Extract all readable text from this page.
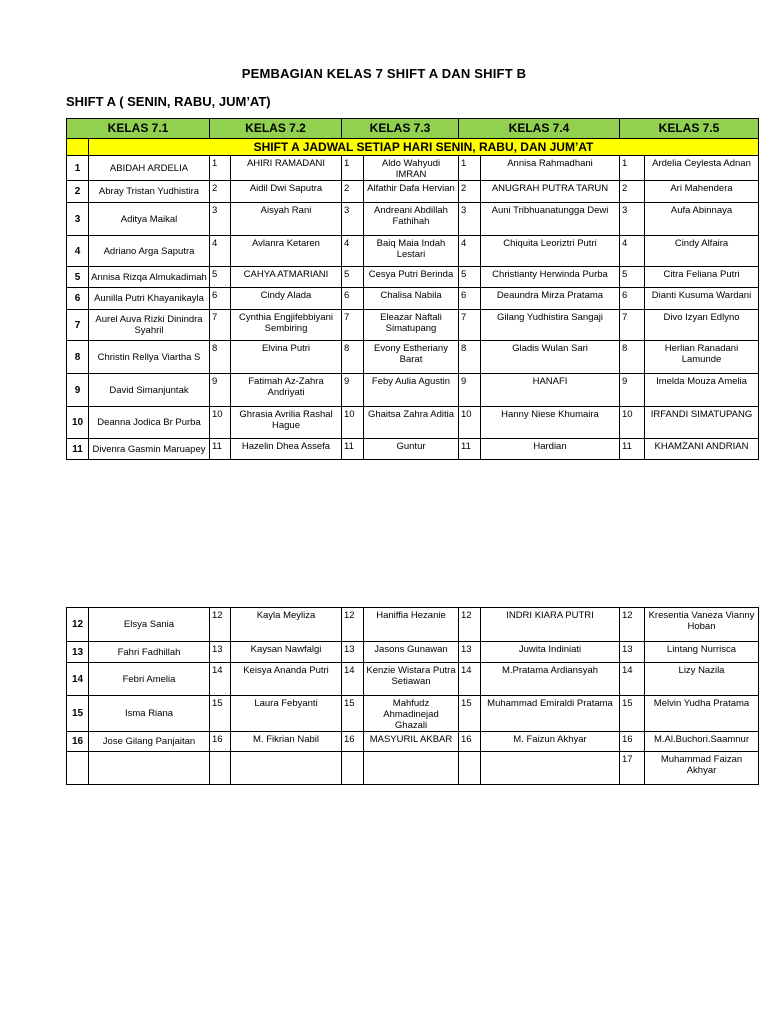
PEMBAGIAN KELAS 7 SHIFT A DAN SHIFT B
SHIFT A ( SENIN, RABU, JUM’AT)
KELAS 7.1		KELAS 7.2		KELAS 7.3		KELAS 7.4		KELAS 7.5	
	SHIFT A JADWAL SETIAP HARI SENIN, RABU, DAN JUM’AT								
1	ABIDAH ARDELIA	1	AHIRI RAMADANI	1	Aldo Wahyudi IMRAN	1	Annisa Rahmadhani	1	Ardelia Ceylesta Adnan
2	Abray Tristan Yudhistira	2	Aidil Dwi Saputra	2	Alfathir Dafa Hervian	2	ANUGRAH PUTRA TARUN	2	Ari Mahendera
3	Aditya Maikal	3	Aisyah Rani	3	Andreani Abdillah Fathihah	3	Auni Tribhuanatungga Dewi	3	Aufa Abinnaya
4	Adriano Arga Saputra	4	Avlanra Ketaren	4	Baiq Maia Indah Lestari	4	Chiquita Leoriztri Putri	4	Cindy Alfaira
5	Annisa Rizqa Almukadimah	5	CAHYA ATMARIANI	5	Cesya Putri Berinda	5	Christianty Herwinda Purba	5	Citra Feliana Putri
6	Aunilla Putri Khayanikayla	6	Cindy Alada	6	Chalisa Nabila	6	Deaundra Mirza Pratama	6	Dianti Kusuma Wardani
7	Aurel Auva Rizki Dinindra Syahril	7	Cynthia Engjifebbiyani Sembiring	7	Eleazar Naftali Simatupang	7	Gilang Yudhistira Sangaji	7	Divo Izyan Edlyno
8	Christin Rellya Viartha S	8	Elvina Putri	8	Evony Estheriany Barat	8	Gladis Wulan Sari	8	Herlian Ranadani Lamunde
9	David Simanjuntak	9	Fatimah Az-Zahra Andriyati	9	Feby Aulia Agustin	9	HANAFI	9	Imelda Mouza Amelia
10	Deanna Jodica Br Purba	10	Ghrasia Avrilia Rashal Hague	10	Ghaitsa Zahra Aditia	10	Hanny Niese Khumaira	10	IRFANDI SIMATUPANG
11	Divenra Gasmin Maruapey	11	Hazelin Dhea Assefa	11	Guntur	11	Hardian	11	KHAMZANI ANDRIAN
12	Elsya Sania	12	Kayla Meyliza	12	Haniffia Hezanie	12	INDRI KIARA PUTRI	12	Kresentia Vaneza Vianny Hoban
13	Fahri Fadhillah	13	Kaysan Nawfalgi	13	Jasons Gunawan	13	Juwita Indiniati	13	Lintang Nurrisca
14	Febri Amelia	14	Keisya Ananda Putri	14	Kenzie Wistara Putra Setiawan	14	M.Pratama Ardiansyah	14	Lizy Nazila
15	Isma Riana	15	Laura Febyanti	15	Mahfudz Ahmadinejad Ghazali	15	Muhammad Emiraldi Pratama	15	Melvin Yudha Pratama
16	Jose Gilang Panjaitan	16	M. Fikrian Nabil	16	MASYURIL AKBAR	16	M. Faizun Akhyar	16	M.Al.Buchori.Saamnur
								17	Muhammad Faizan Akhyar
